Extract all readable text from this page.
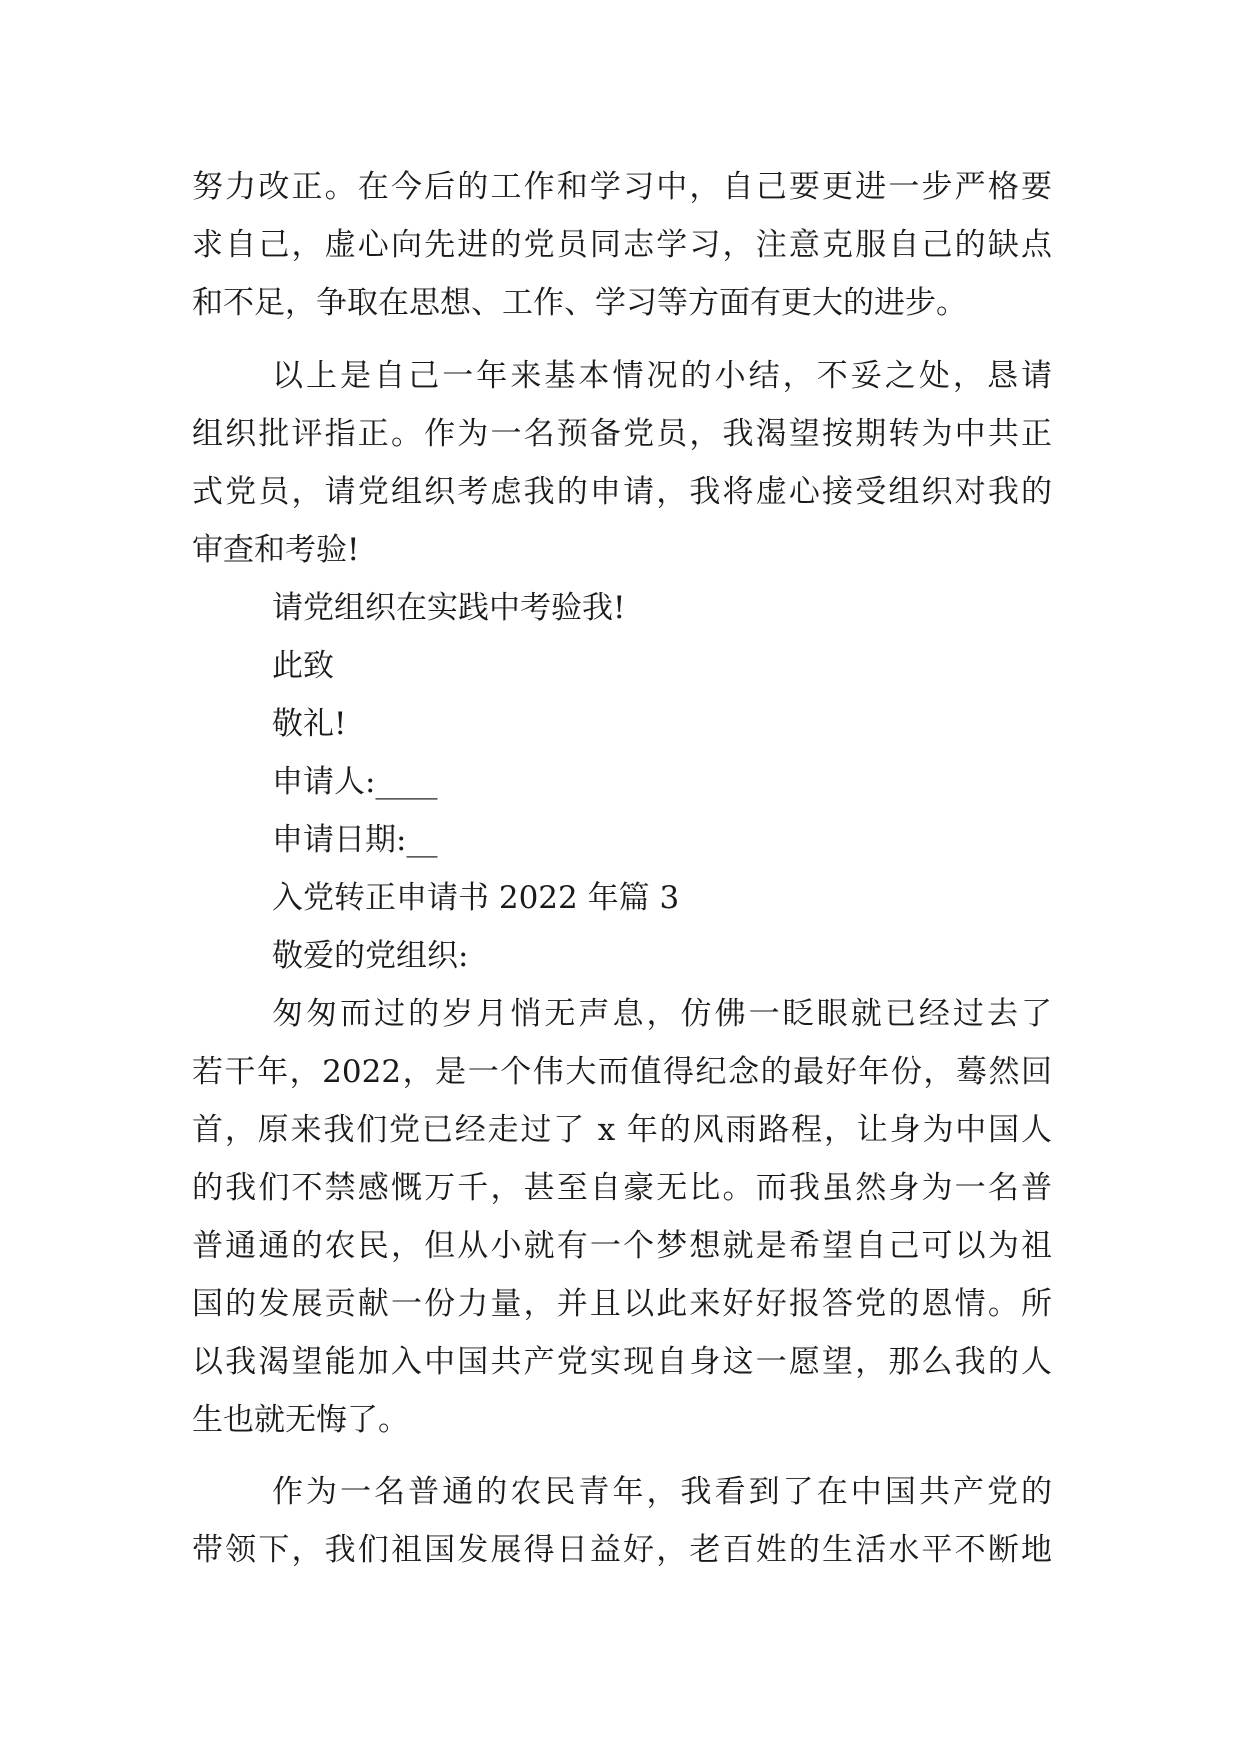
努力改正。在今后的工作和学习中，自己要更进一步严格要
求自己，虚心向先进的党员同志学习，注意克服自己的缺点
和不足，争取在思想、工作、学习等方面有更大的进步。
以上是自己一年来基本情况的小结，不妥之处，恳请
组织批评指正。作为一名预备党员，我渴望按期转为中共正
式党员，请党组织考虑我的申请，我将虚心接受组织对我的
审查和考验!
请党组织在实践中考验我!
此致
敬礼!
申请人:____
申请日期:__
入党转正申请书 2022 年篇 3
敬爱的党组织:
匆匆而过的岁月悄无声息，仿佛一眨眼就已经过去了
若干年，2022，是一个伟大而值得纪念的最好年份，蓦然回
首，原来我们党已经走过了 x 年的风雨路程，让身为中国人
的我们不禁感慨万千，甚至自豪无比。而我虽然身为一名普
普通通的农民，但从小就有一个梦想就是希望自己可以为祖
国的发展贡献一份力量，并且以此来好好报答党的恩情。所
以我渴望能加入中国共产党实现自身这一愿望，那么我的人
生也就无悔了。
作为一名普通的农民青年，我看到了在中国共产党的
带领下，我们祖国发展得日益好，老百姓的生活水平不断地
